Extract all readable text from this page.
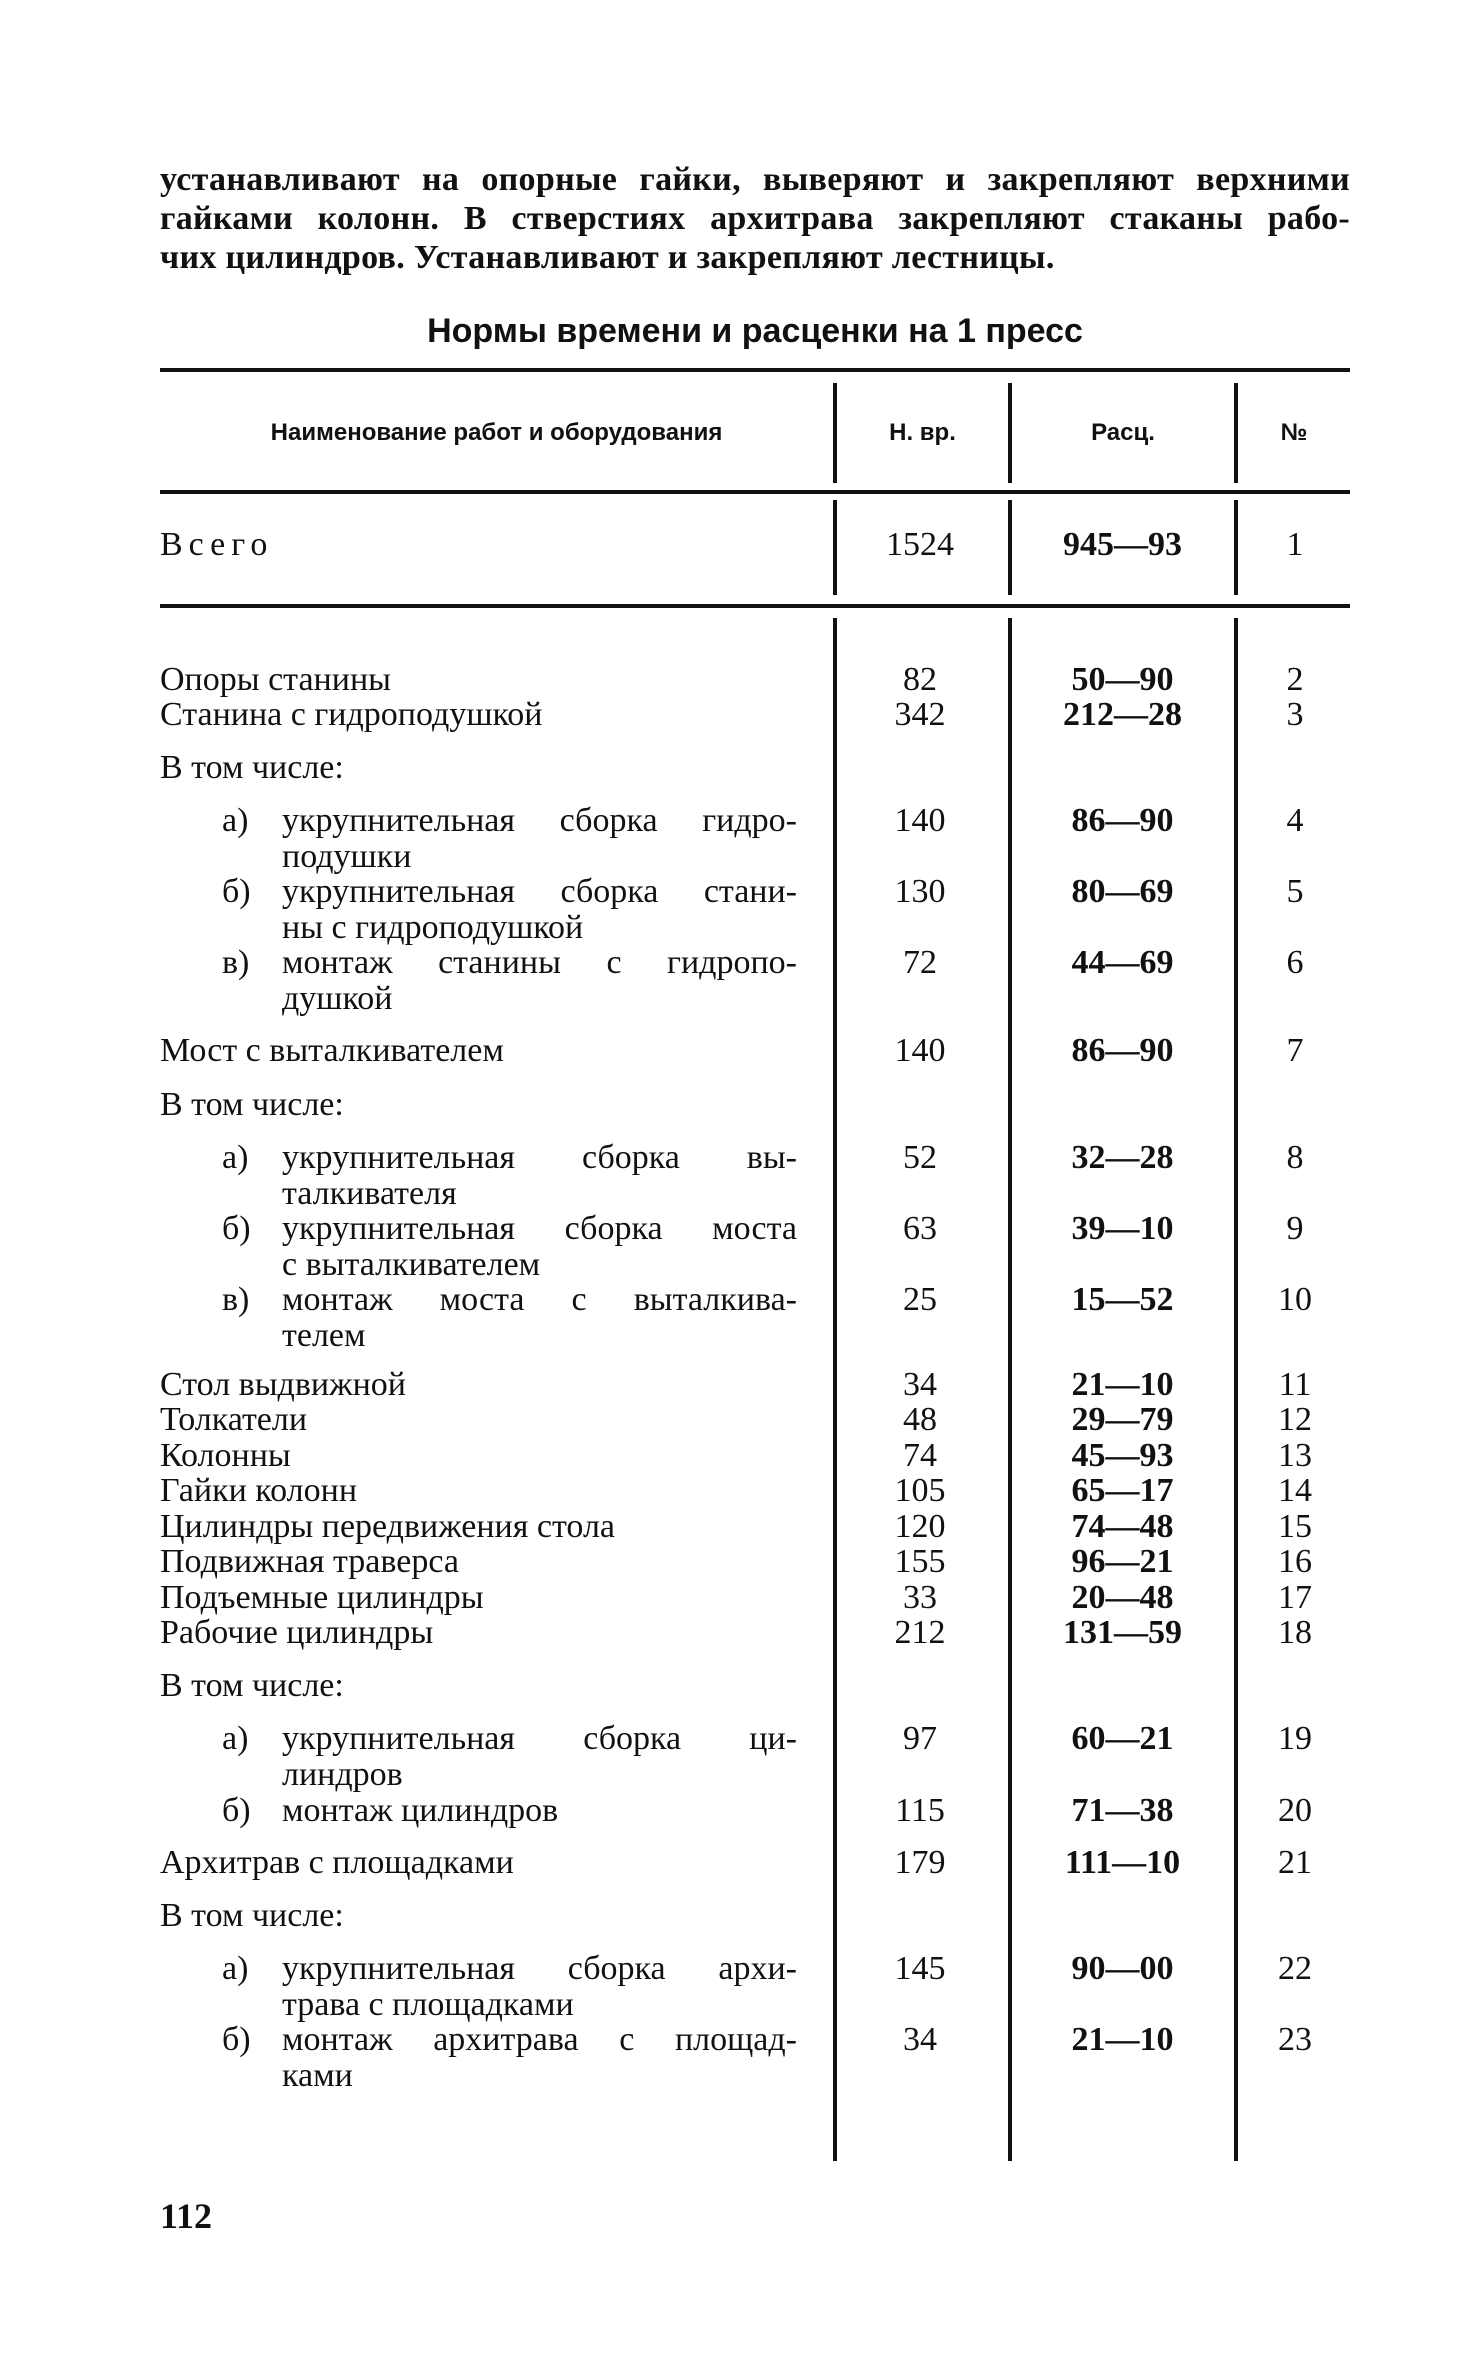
устанавливают на опорные гайки, выверяют и закрепляют верхними
гайками колонн. В стверстиях архитрава закрепляют стаканы рабо-
чих цилиндров. Устанавливают и закрепляют лестницы.
Нормы времени и расценки на 1 пресс
Наименование работ и оборудования	Н. вр.	Расц.	№
Всего	1524	945—93	1
Опоры станины	82	50—90	2
Станина с гидроподушкой	342	212—28	3
В том числе:
а) укрупнительная сборка гидро-
подушки
140	86—90	4
б) укрупнительная сборка стани-
ны с гидроподушкой
130	80—69	5
в) монтаж станины с гидропо-
душкой
72	44—69	6
Мост с выталкивателем	140	86—90	7
В том числе:
а) укрупнительная сборка вы-
талкивателя
52	32—28	8
б) укрупнительная сборка моста
с выталкивателем
63	39—10	9
в) монтаж моста с выталкива-
телем
25	15—52	10
Стол выдвижной	34	21—10	11
Толкатели	48	29—79	12
Колонны	74	45—93	13
Гайки колонн	105	65—17	14
Цилиндры передвижения стола	120	74—48	15
Подвижная траверса	155	96—21	16
Подъемные цилиндры	33	20—48	17
Рабочие цилиндры	212	131—59	18
В том числе:
а) укрупнительная сборка ци-
линдров
97	60—21	19
б) монтаж цилиндров	115	71—38	20
Архитрав с площадками	179	111—10	21
В том числе:
а) укрупнительная сборка архи-
трава с площадками
145	90—00	22
б) монтаж архитрава с площад-
ками
34	21—10	23
112
